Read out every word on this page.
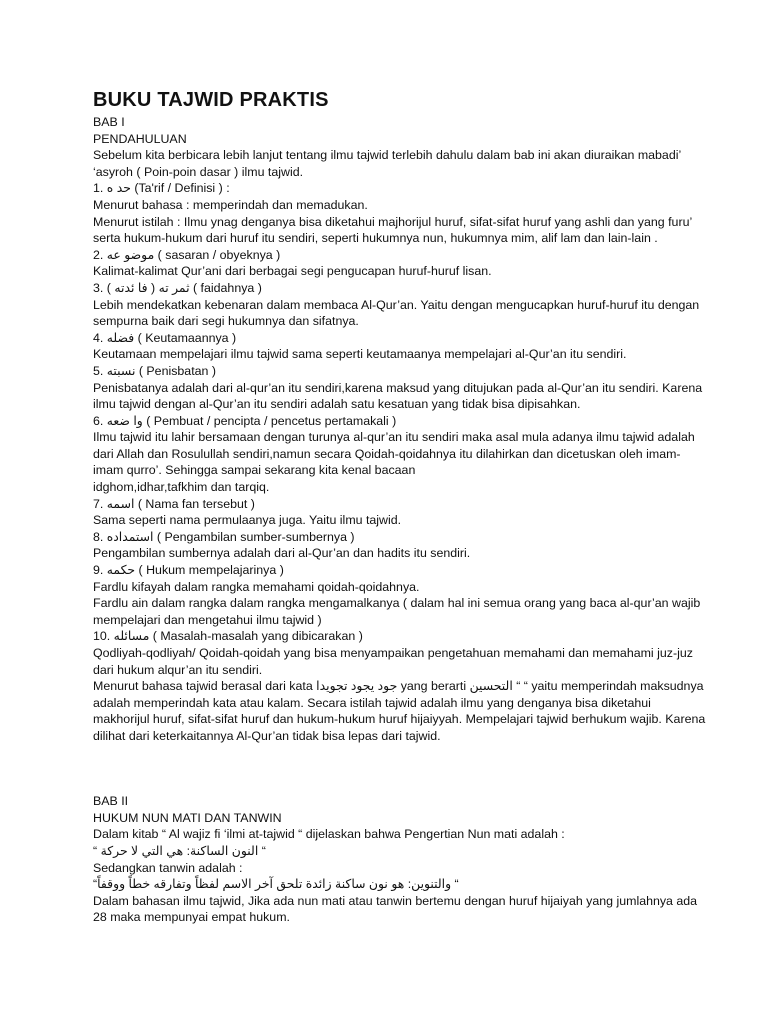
BUKU TAJWID PRAKTIS

BAB I

PENDAHULUAN

Sebelum kita berbicara lebih lanjut tentang ilmu tajwid terlebih dahulu dalam bab ini akan diuraikan mabadi’ ‘asyroh ( Poin-poin dasar ) ilmu tajwid.

1. حد ه (Ta'rif / Definisi ) :

Menurut bahasa : memperindah dan memadukan.

Menurut istilah : Ilmu ynag denganya bisa diketahui majhorijul huruf, sifat-sifat huruf yang ashli dan yang furu’ serta hukum-hukum dari huruf itu sendiri, seperti hukumnya nun, hukumnya mim, alif lam dan lain-lain .

2. موضو عه ( sasaran / obyeknya )

Kalimat-kalimat Qur’ani dari berbagai segi pengucapan huruf-huruf lisan.

3. ( فا ئدته ) ثمر ته ( faidahnya )

Lebih mendekatkan kebenaran dalam membaca Al-Qur’an. Yaitu dengan mengucapkan huruf-huruf itu dengan sempurna baik dari segi hukumnya dan sifatnya.

4. فضله ( Keutamaannya )

Keutamaan mempelajari ilmu tajwid sama seperti keutamaanya mempelajari al-Qur’an itu sendiri.

5. نسبته ( Penisbatan )

Penisbatanya adalah dari al-qur’an itu sendiri,karena maksud yang ditujukan pada al-Qur’an itu sendiri. Karena ilmu tajwid dengan al-Qur’an itu sendiri adalah satu kesatuan yang tidak bisa dipisahkan.

6. وا ضعه ( Pembuat / pencipta / pencetus pertamakali )

Ilmu tajwid itu lahir bersamaan dengan turunya al-qur’an itu sendiri maka asal mula adanya ilmu tajwid adalah dari Allah dan Rosulullah sendiri,namun secara Qoidah-qoidahnya itu dilahirkan dan dicetuskan oleh imam-imam qurro’. Sehingga sampai sekarang kita kenal bacaan

idghom,idhar,tafkhim dan tarqiq.

7. اسمه ( Nama fan tersebut )

Sama seperti nama permulaanya juga. Yaitu ilmu tajwid.

8. استمداده ( Pengambilan sumber-sumbernya )

Pengambilan sumbernya adalah dari al-Qur’an dan hadits itu sendiri.

9. حكمه ( Hukum mempelajarinya )

Fardlu kifayah dalam rangka memahami qoidah-qoidahnya.

Fardlu ain dalam rangka dalam rangka mengamalkanya ( dalam hal ini semua orang yang baca al-qur’an wajib mempelajari dan mengetahui ilmu tajwid )

10. مسائله ( Masalah-masalah yang dibicarakan )

Qodliyah-qodliyah/ Qoidah-qoidah yang bisa menyampaikan pengetahuan memahami dan memahami juz-juz dari hukum alqur’an itu sendiri.

Menurut bahasa tajwid berasal dari kata جود يجود تجويدا yang berarti التحسين “ “ yaitu memperindah maksudnya adalah memperindah kata atau kalam. Secara istilah tajwid adalah ilmu yang denganya bisa diketahui makhorijul huruf, sifat-sifat huruf dan hukum-hukum huruf hijaiyyah. Mempelajari tajwid berhukum wajib. Karena dilihat dari keterkaitannya Al-Qur’an tidak bisa lepas dari tajwid.

BAB II

HUKUM NUN MATI DAN TANWIN

Dalam kitab “ Al wajiz fi ‘ilmi at-tajwid “ dijelaskan bahwa Pengertian Nun mati adalah :

“ النون الساكنة: هي التي لا حركة “

Sedangkan tanwin adalah :

“والتنوين: هو نون ساكنة زائدة تلحق آخر الاسم لفظاً وتفارقه خطاً ووقفاً “

Dalam bahasan ilmu tajwid, Jika ada nun mati atau tanwin bertemu dengan huruf hijaiyah yang jumlahnya ada 28 maka mempunyai empat hukum.
